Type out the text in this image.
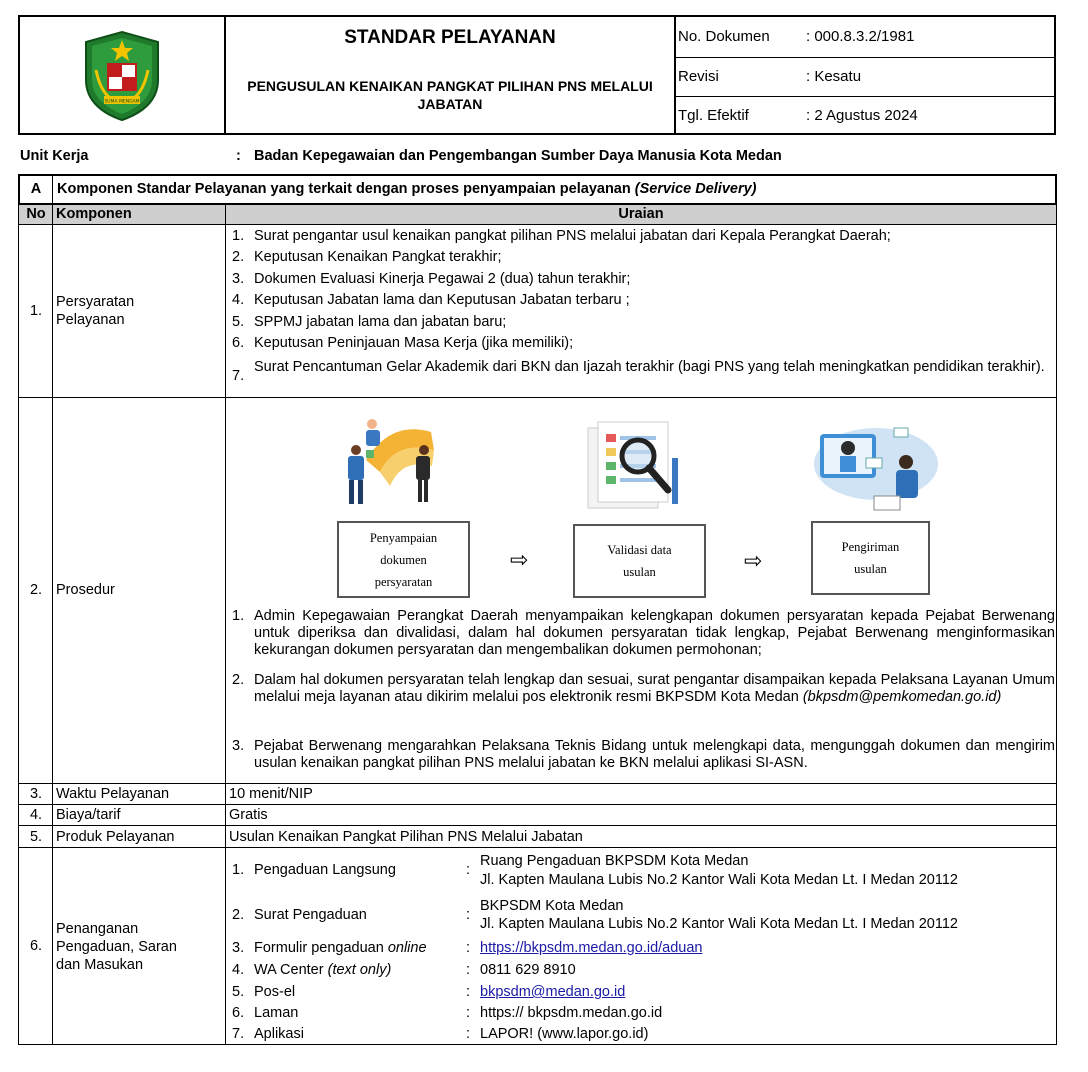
SUMA MENGAM
STANDAR PELAYANAN
PENGUSULAN KENAIKAN PANGKAT PILIHAN PNS MELALUI JABATAN
No. Dokumen : 000.8.3.2/1981
Revisi	: Kesatu
Tgl. Efektif	: 2 Agustus 2024
Unit Kerja	: Badan Kepegawaian dan Pengembangan Sumber Daya Manusia Kota Medan
A	Komponen Standar Pelayanan yang terkait dengan proses penyampaian pelayanan (Service Delivery)
No Komponen	Uraian
1.
Persyaratan
Pelayanan
1. Surat pengantar usul kenaikan pangkat pilihan PNS melalui jabatan dari Kepala Perangkat Daerah;
2. Keputusan Kenaikan Pangkat terakhir;
3. Dokumen Evaluasi Kinerja Pegawai 2 (dua) tahun terakhir;
4. Keputusan Jabatan lama dan Keputusan Jabatan terbaru ;
5. SPPMJ jabatan lama dan jabatan baru;
6. Keputusan Peninjauan Masa Kerja (jika memiliki);
7.
Surat Pencantuman Gelar Akademik dari BKN dan Ijazah terakhir (bagi PNS yang telah meningkatkan pendidikan terakhir).
2. Prosedur
Penyampaian
dokumen
persyaratan
⇨	Validasi data
usulan	⇨
Pengiriman
usulan
1. Admin Kepegawaian Perangkat Daerah menyampaikan kelengkapan dokumen persyaratan kepada Pejabat Berwenang untuk diperiksa dan divalidasi, dalam hal dokumen persyaratan tidak lengkap, Pejabat Berwenang menginformasikan kekurangan dokumen persyaratan dan mengembalikan dokumen permohonan;
2. Dalam hal dokumen persyaratan telah lengkap dan sesuai, surat pengantar disampaikan kepada Pelaksana Layanan Umum melalui meja layanan atau dikirim melalui pos elektronik resmi BKPSDM Kota Medan (bkpsdm@pemkomedan.go.id)
3. Pejabat Berwenang mengarahkan Pelaksana Teknis Bidang untuk melengkapi data, mengunggah dokumen dan mengirim usulan kenaikan pangkat pilihan PNS melalui jabatan ke BKN melalui aplikasi SI-ASN.
3. Waktu Pelayanan	10 menit/NIP
4. Biaya/tarif	Gratis
5. Produk Pelayanan	Usulan Kenaikan Pangkat Pilihan PNS Melalui Jabatan
6.
Penanganan
Pengaduan, Saran
dan Masukan
1. Pengaduan Langsung	:
Ruang Pengaduan BKPSDM Kota Medan
Jl. Kapten Maulana Lubis No.2 Kantor Wali Kota Medan Lt. I Medan 20112
2. Surat Pengaduan	:
BKPSDM Kota Medan
Jl. Kapten Maulana Lubis No.2 Kantor Wali Kota Medan Lt. I Medan 20112
3. Formulir pengaduan online	: https://bkpsdm.medan.go.id/aduan
4. WA Center (text only)	: 0811 629 8910
5. Pos-el	: bkpsdm@medan.go.id
6. Laman	: https:// bkpsdm.medan.go.id
7. Aplikasi	: LAPOR! (www.lapor.go.id)
